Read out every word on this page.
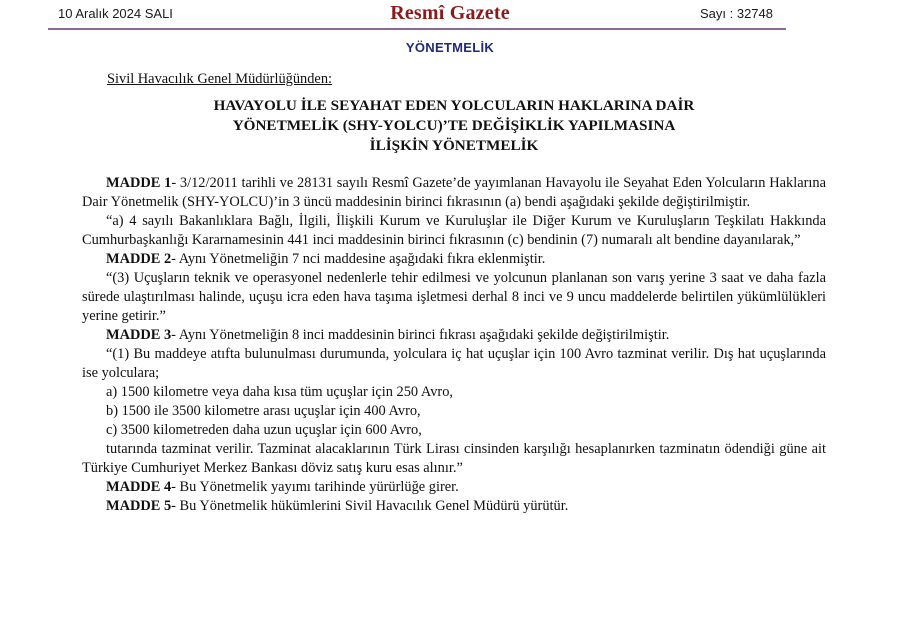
10 Aralık 2024 SALI	Resmî Gazete	Sayı : 32748
YÖNETMELİK
Sivil Havacılık Genel Müdürlüğünden:
HAVAYOLU İLE SEYAHAT EDEN YOLCULARIN HAKLARINA DAİR
YÖNETMELİK (SHY-YOLCU)’TE DEĞİŞİKLİK YAPILMASINA
İLİŞKİN YÖNETMELİK

MADDE 1- 3/12/2011 tarihli ve 28131 sayılı Resmî Gazete’de yayımlanan Havayolu ile Seyahat Eden Yolcuların Haklarına Dair Yönetmelik (SHY-YOLCU)’in 3 üncü maddesinin birinci fıkrasının (a) bendi aşağıdaki şekilde değiştirilmiştir.

“a) 4 sayılı Bakanlıklara Bağlı, İlgili, İlişkili Kurum ve Kuruluşlar ile Diğer Kurum ve Kuruluşların Teşkilatı Hakkında Cumhurbaşkanlığı Kararnamesinin 441 inci maddesinin birinci fıkrasının (c) bendinin (7) numaralı alt bendine dayanılarak,”

MADDE 2- Aynı Yönetmeliğin 7 nci maddesine aşağıdaki fıkra eklenmiştir.

“(3) Uçuşların teknik ve operasyonel nedenlerle tehir edilmesi ve yolcunun planlanan son varış yerine 3 saat ve daha fazla sürede ulaştırılması halinde, uçuşu icra eden hava taşıma işletmesi derhal 8 inci ve 9 uncu maddelerde belirtilen yükümlülükleri yerine getirir.”

MADDE 3- Aynı Yönetmeliğin 8 inci maddesinin birinci fıkrası aşağıdaki şekilde değiştirilmiştir.

“(1) Bu maddeye atıfta bulunulması durumunda, yolculara iç hat uçuşlar için 100 Avro tazminat verilir. Dış hat uçuşlarında ise yolculara;

a) 1500 kilometre veya daha kısa tüm uçuşlar için 250 Avro,

b) 1500 ile 3500 kilometre arası uçuşlar için 400 Avro,

c) 3500 kilometreden daha uzun uçuşlar için 600 Avro,

tutarında tazminat verilir. Tazminat alacaklarının Türk Lirası cinsinden karşılığı hesaplanırken tazminatın ödendiği güne ait Türkiye Cumhuriyet Merkez Bankası döviz satış kuru esas alınır.”

MADDE 4- Bu Yönetmelik yayımı tarihinde yürürlüğe girer.

MADDE 5- Bu Yönetmelik hükümlerini Sivil Havacılık Genel Müdürü yürütür.
